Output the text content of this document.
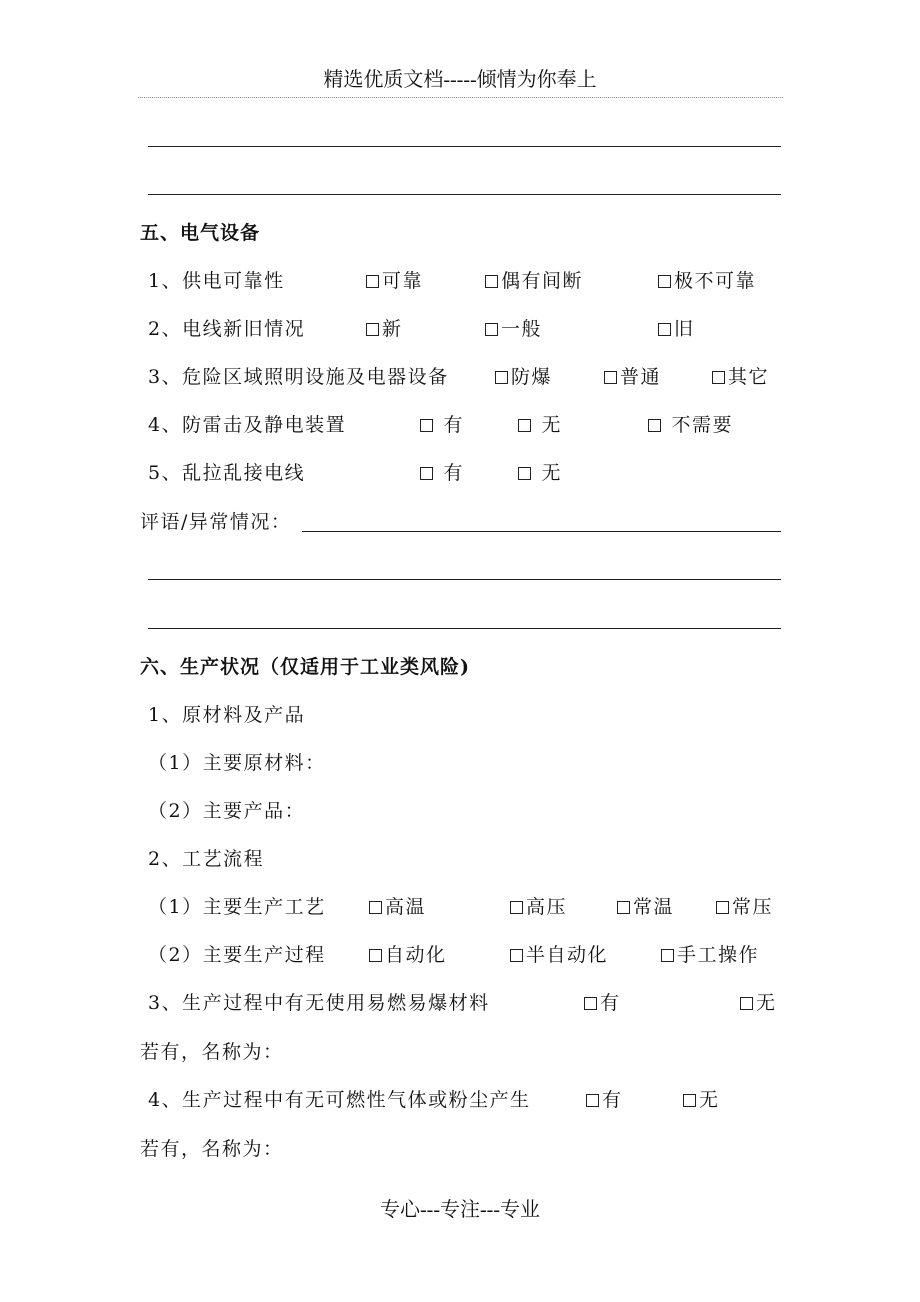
精选优质文档-----倾情为你奉上
五、电气设备
1、供电可靠性	可靠	偶有间断	极不可靠
2、电线新旧情况	新	一般	旧
3、危险区域照明设施及电器设备	防爆	普通	其它
4、防雷击及静电装置	有	无	不需要
5、乱拉乱接电线	有	无
评语/异常情况：
六、生产状况（仅适用于工业类风险)
1、原材料及产品
（1）主要原材料：
（2）主要产品：
2、工艺流程
（1）主要生产工艺	高温	高压	常温	常压
（2）主要生产过程	自动化	半自动化	手工操作
3、生产过程中有无使用易燃易爆材料	有	无
若有，名称为：
4、生产过程中有无可燃性气体或粉尘产生	有	无
若有，名称为：
专心---专注---专业
